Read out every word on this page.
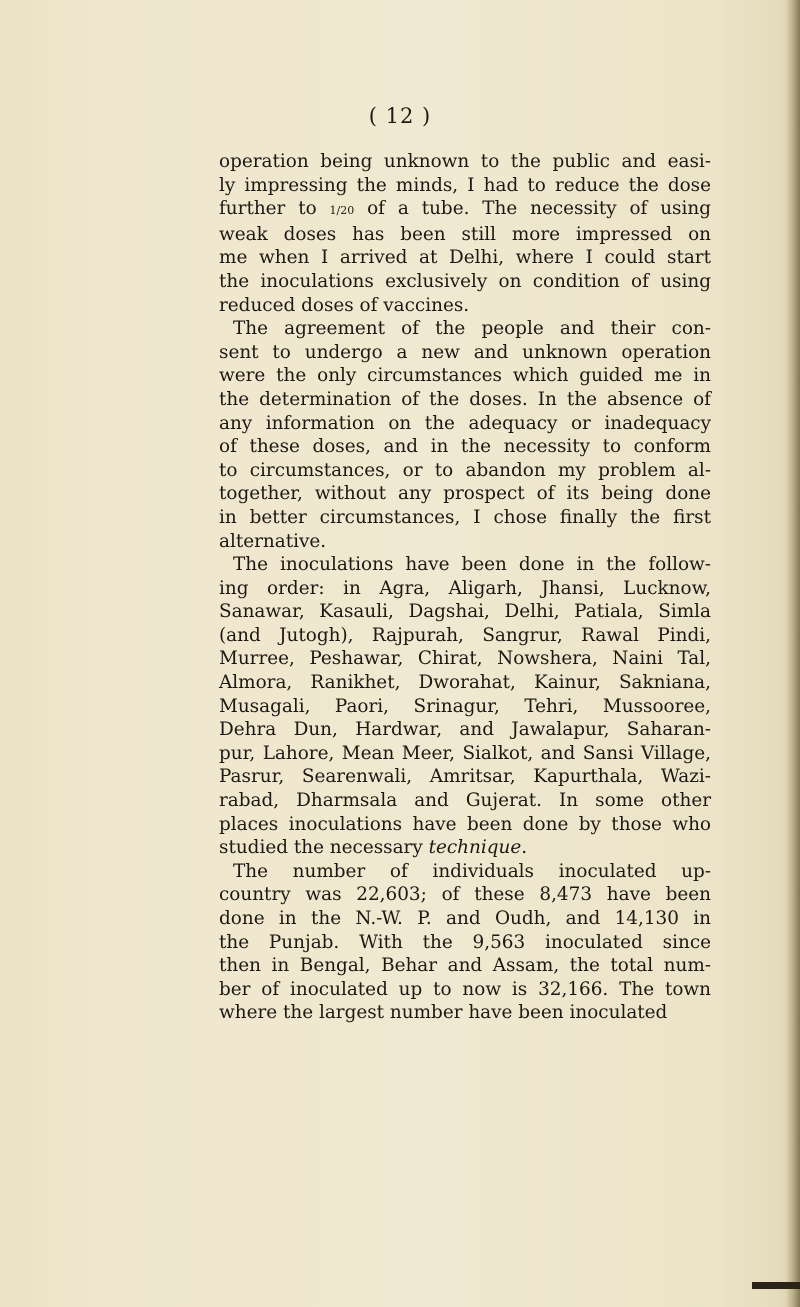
( 12 )
operation being unknown to the public and easi-
ly impressing the minds, I had to reduce the dose
further to 1/20 of a tube. The necessity of using
weak doses has been still more impressed on
me when I arrived at Delhi, where I could start
the inoculations exclusively on condition of using
reduced doses of vaccines.
The agreement of the people and their con-
sent to undergo a new and unknown operation
were the only circumstances which guided me in
the determination of the doses. In the absence of
any information on the adequacy or inadequacy
of these doses, and in the necessity to conform
to circumstances, or to abandon my problem al-
together, without any prospect of its being done
in better circumstances, I chose finally the first
alternative.
The inoculations have been done in the follow-
ing order: in Agra, Aligarh, Jhansi, Lucknow,
Sanawar, Kasauli, Dagshai, Delhi, Patiala, Simla
(and Jutogh), Rajpurah, Sangrur, Rawal Pindi,
Murree, Peshawar, Chirat, Nowshera, Naini Tal,
Almora, Ranikhet, Dworahat, Kainur, Sakniana,
Musagali, Paori, Srinagur, Tehri, Mussooree,
Dehra Dun, Hardwar, and Jawalapur, Saharan-
pur, Lahore, Mean Meer, Sialkot, and Sansi Village,
Pasrur, Searenwali, Amritsar, Kapurthala, Wazi-
rabad, Dharmsala and Gujerat. In some other
places inoculations have been done by those who
studied the necessary technique.
The number of individuals inoculated up-
country was 22,603; of these 8,473 have been
done in the N.-W. P. and Oudh, and 14,130 in
the Punjab. With the 9,563 inoculated since
then in Bengal, Behar and Assam, the total num-
ber of inoculated up to now is 32,166. The town
where the largest number have been inoculated
